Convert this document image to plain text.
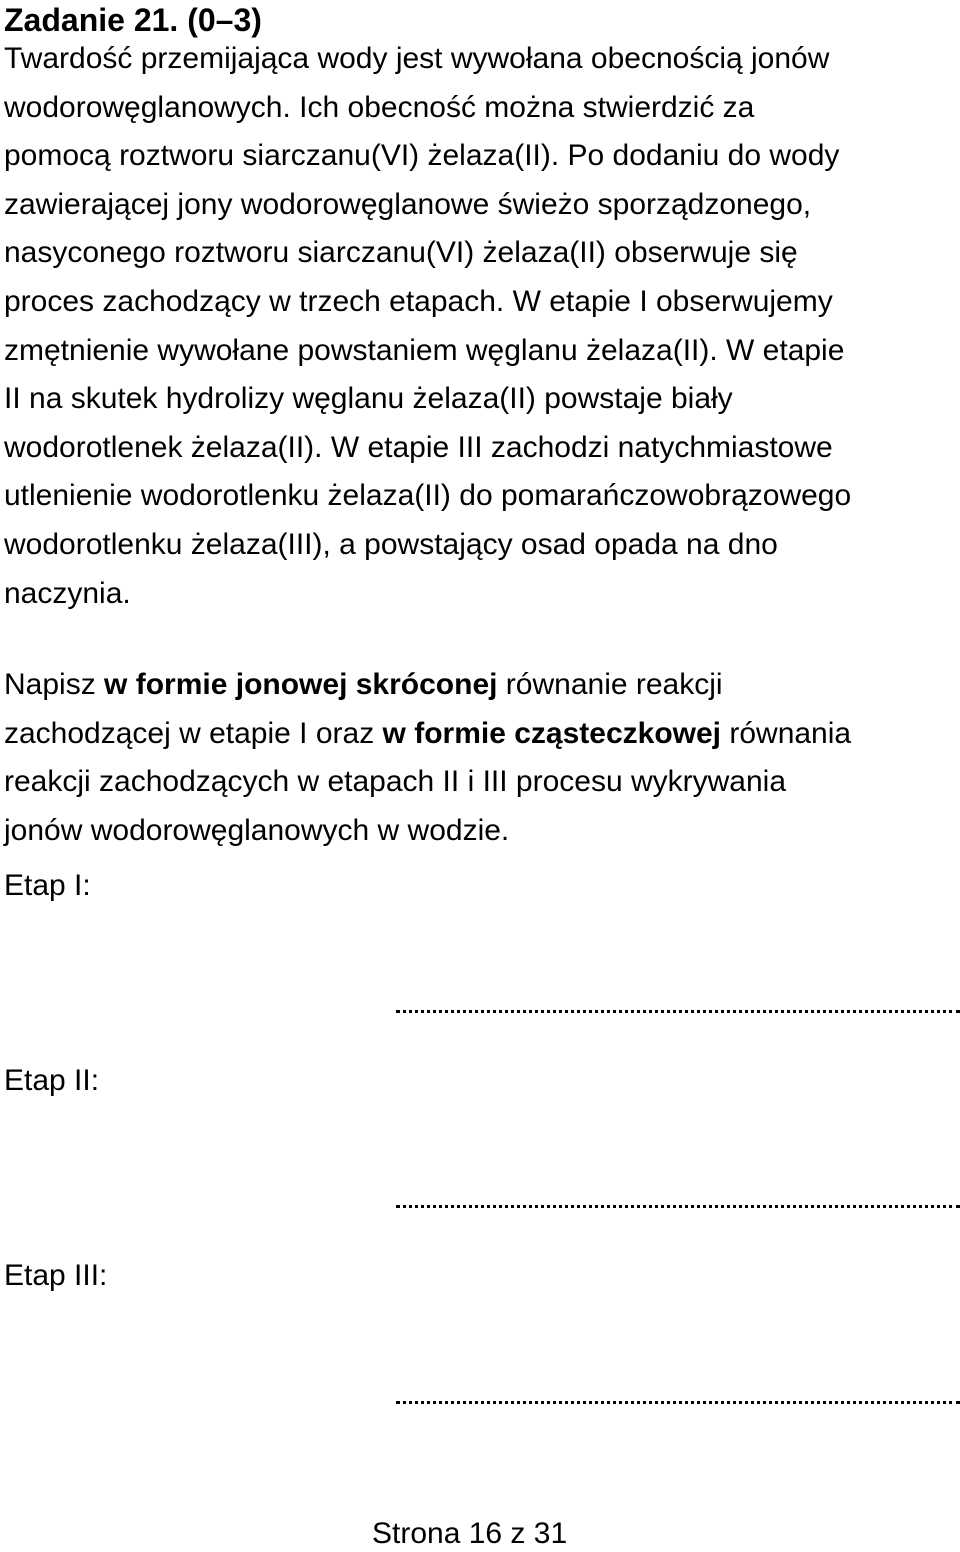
Zadanie 21. (0–3)
Twardość przemijająca wody jest wywołana obecnością jonów
wodorowęglanowych. Ich obecność można stwierdzić za
pomocą roztworu siarczanu(VI) żelaza(II). Po dodaniu do wody
zawierającej jony wodorowęglanowe świeżo sporządzonego,
nasyconego roztworu siarczanu(VI) żelaza(II) obserwuje się
proces zachodzący w trzech etapach. W etapie I obserwujemy
zmętnienie wywołane powstaniem węglanu żelaza(II). W etapie
II na skutek hydrolizy węglanu żelaza(II) powstaje biały
wodorotlenek żelaza(II). W etapie III zachodzi natychmiastowe
utlenienie wodorotlenku żelaza(II) do pomarańczowobrązowego
wodorotlenku żelaza(III), a powstający osad opada na dno
naczynia.
Napisz w formie jonowej skróconej równanie reakcji
zachodzącej w etapie I oraz w formie cząsteczkowej równania
reakcji zachodzących w etapach II i III procesu wykrywania
jonów wodorowęglanowych w wodzie.
Etap I:
Etap II:
Etap III:
Strona 16 z 31
